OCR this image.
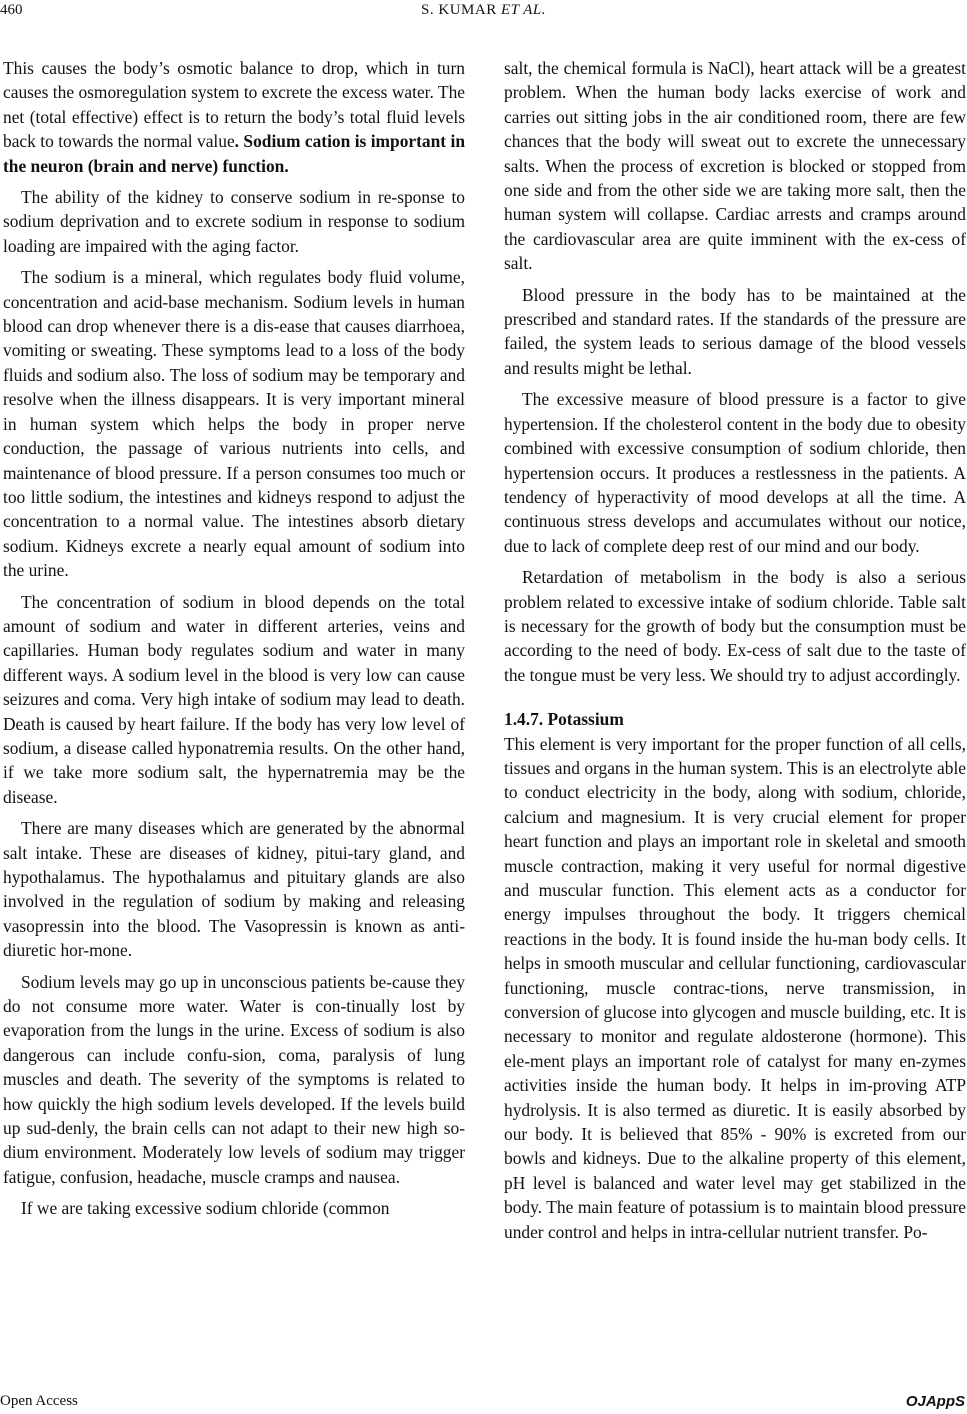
460	S. KUMAR ET AL.

This causes the body’s osmotic balance to drop, which in turn causes the osmoregulation system to excrete the excess water. The net (total effective) effect is to return the body’s total fluid levels back to towards the normal value. Sodium cation is important in the neuron (brain and nerve) function.

The ability of the kidney to conserve sodium in re-sponse to sodium deprivation and to excrete sodium in response to sodium loading are impaired with the aging factor.

The sodium is a mineral, which regulates body fluid volume, concentration and acid-base mechanism. Sodium levels in human blood can drop whenever there is a dis-ease that causes diarrhoea, vomiting or sweating. These symptoms lead to a loss of the body fluids and sodium also. The loss of sodium may be temporary and resolve when the illness disappears. It is very important mineral in human system which helps the body in proper nerve conduction, the passage of various nutrients into cells, and maintenance of blood pressure. If a person consumes too much or too little sodium, the intestines and kidneys respond to adjust the concentration to a normal value. The intestines absorb dietary sodium. Kidneys excrete a nearly equal amount of sodium into the urine.

The concentration of sodium in blood depends on the total amount of sodium and water in different arteries, veins and capillaries. Human body regulates sodium and water in many different ways. A sodium level in the blood is very low can cause seizures and coma. Very high intake of sodium may lead to death. Death is caused by heart failure. If the body has very low level of sodium, a disease called hyponatremia results. On the other hand, if we take more sodium salt, the hypernatremia may be the disease.

There are many diseases which are generated by the abnormal salt intake. These are diseases of kidney, pitui-tary gland, and hypothalamus. The hypothalamus and pituitary glands are also involved in the regulation of sodium by making and releasing vasopressin into the blood. The Vasopressin is known as anti-diuretic hor-mone.

Sodium levels may go up in unconscious patients be-cause they do not consume more water. Water is con-tinually lost by evaporation from the lungs in the urine. Excess of sodium is also dangerous can include confu-sion, coma, paralysis of lung muscles and death. The severity of the symptoms is related to how quickly the high sodium levels developed. If the levels build up sud-denly, the brain cells can not adapt to their new high so-dium environment. Moderately low levels of sodium may trigger fatigue, confusion, headache, muscle cramps and nausea.

If we are taking excessive sodium chloride (common

salt, the chemical formula is NaCl), heart attack will be a greatest problem. When the human body lacks exercise of work and carries out sitting jobs in the air conditioned room, there are few chances that the body will sweat out to excrete the unnecessary salts. When the process of excretion is blocked or stopped from one side and from the other side we are taking more salt, then the human system will collapse. Cardiac arrests and cramps around the cardiovascular area are quite imminent with the ex-cess of salt.

Blood pressure in the body has to be maintained at the prescribed and standard rates. If the standards of the pressure are failed, the system leads to serious damage of the blood vessels and results might be lethal.

The excessive measure of blood pressure is a factor to give hypertension. If the cholesterol content in the body due to obesity combined with excessive consumption of sodium chloride, then hypertension occurs. It produces a restlessness in the patients. A tendency of hyperactivity of mood develops at all the time. A continuous stress develops and accumulates without our notice, due to lack of complete deep rest of our mind and our body.

Retardation of metabolism in the body is also a serious problem related to excessive intake of sodium chloride. Table salt is necessary for the growth of body but the consumption must be according to the need of body. Ex-cess of salt due to the taste of the tongue must be very less. We should try to adjust accordingly.

1.4.7. Potassium

This element is very important for the proper function of all cells, tissues and organs in the human system. This is an electrolyte able to conduct electricity in the body, along with sodium, chloride, calcium and magnesium. It is very crucial element for proper heart function and plays an important role in skeletal and smooth muscle contraction, making it very useful for normal digestive and muscular function. This element acts as a conductor for energy impulses throughout the body. It triggers chemical reactions in the body. It is found inside the hu-man body cells. It helps in smooth muscular and cellular functioning, cardiovascular functioning, muscle contrac-tions, nerve transmission, in conversion of glucose into glycogen and muscle building, etc. It is necessary to monitor and regulate aldosterone (hormone). This ele-ment plays an important role of catalyst for many en-zymes activities inside the human body. It helps in im-proving ATP hydrolysis. It is also termed as diuretic. It is easily absorbed by our body. It is believed that 85% - 90% is excreted from our bowls and kidneys. Due to the alkaline property of this element, pH level is balanced and water level may get stabilized in the body. The main feature of potassium is to maintain blood pressure under control and helps in intra-cellular nutrient transfer. Po-

Open Access	OJAppS
